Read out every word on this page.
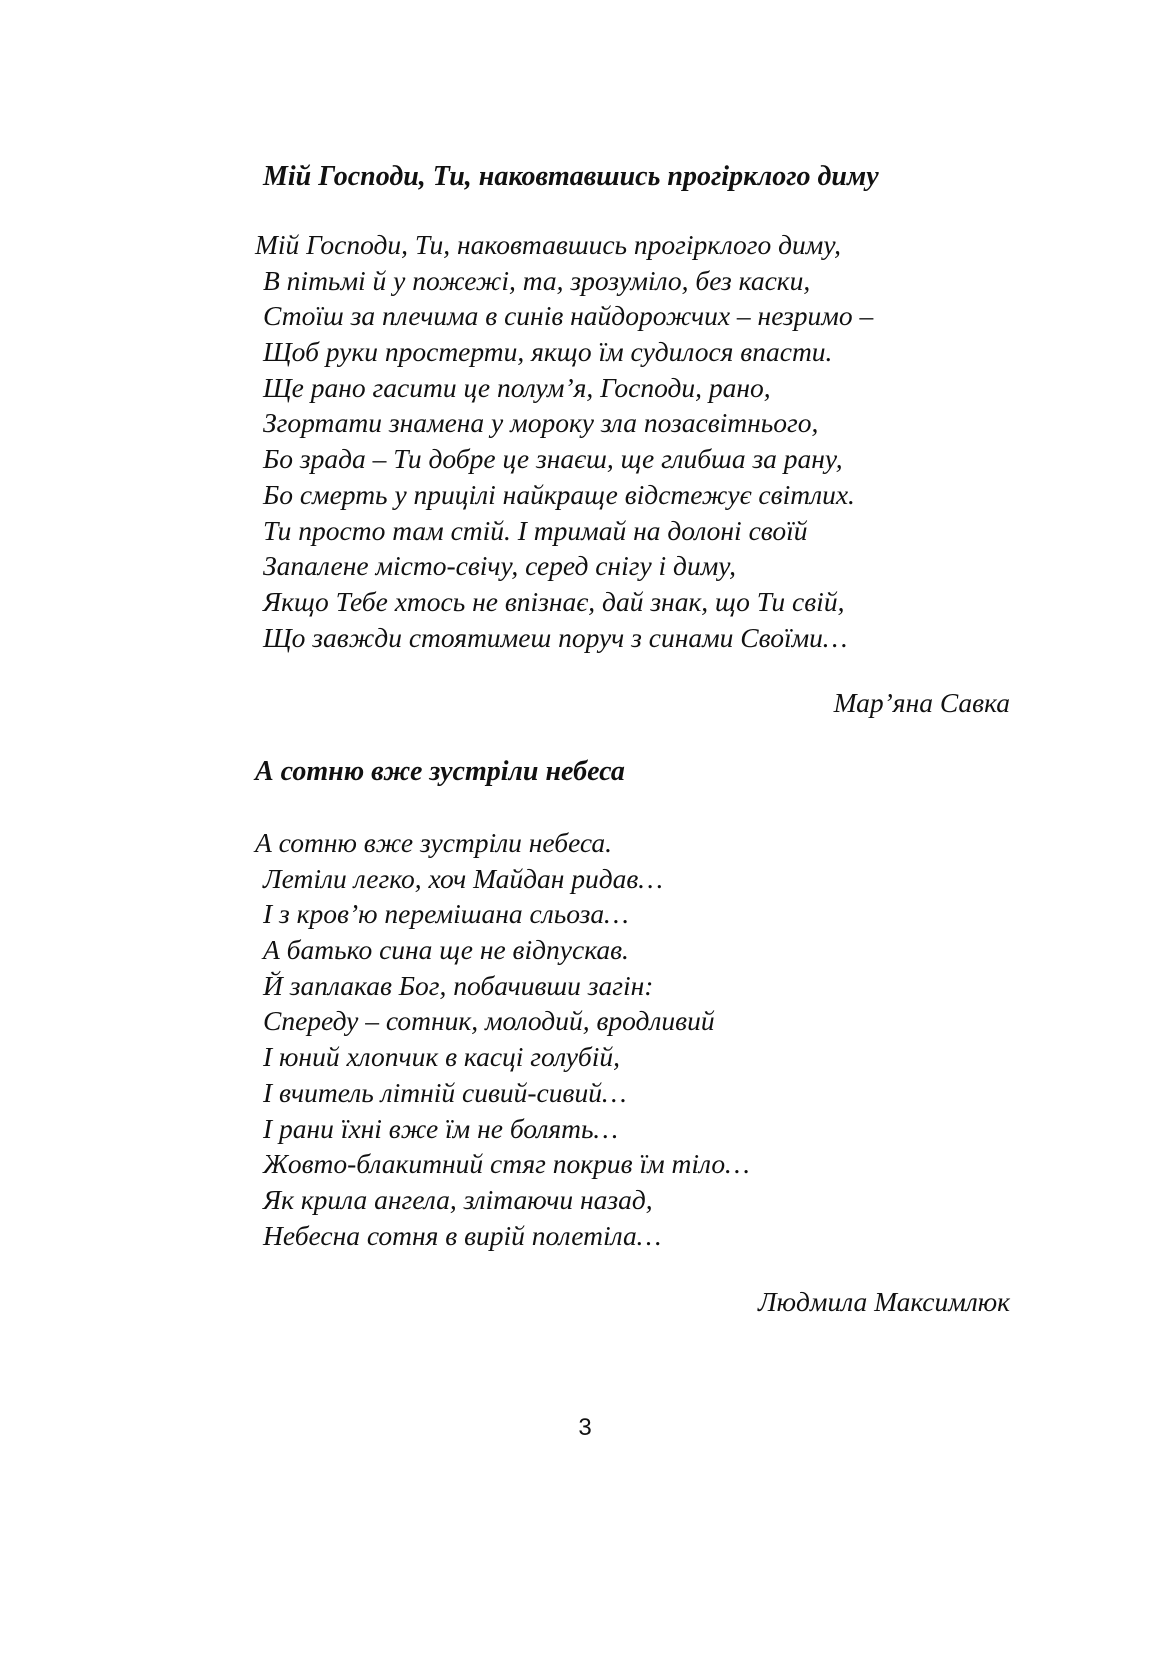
Мій Господи, Ти, наковтавшись прогірклого диму
Мій Господи, Ти, наковтавшись прогірклого диму,
В пітьмі й у пожежі, та, зрозуміло, без каски,
Стоїш за плечима в синів найдорожчих – незримо –
Щоб руки простерти, якщо їм судилося впасти.
Ще рано гасити це полум’я, Господи, рано,
Згортати знамена у мороку зла позасвітнього,
Бо зрада – Ти добре це знаєш, ще глибша за рану,
Бо смерть у прицілі найкраще відстежує світлих.
Ти просто там стій. І тримай на долоні своїй
Запалене місто-свічу, серед снігу і диму,
Якщо Тебе хтось не впізнає, дай знак, що Ти свій,
Що завжди стоятимеш поруч з синами Своїми…

Мар’яна Савка

А сотню вже зустріли небеса
А сотню вже зустріли небеса.
Летіли легко, хоч Майдан ридав…
І з кров’ю перемішана сльоза…
А батько сина ще не відпускав.
Й заплакав Бог, побачивши загін:
Спереду – сотник, молодий, вродливий
І юний хлопчик в касці голубій,
І вчитель літній сивий-сивий…
І рани їхні вже їм не болять…
Жовто-блакитний стяг покрив їм тіло…
Як крила ангела, злітаючи назад,
Небесна сотня в вирій полетіла…

Людмила Максимлюк

3
